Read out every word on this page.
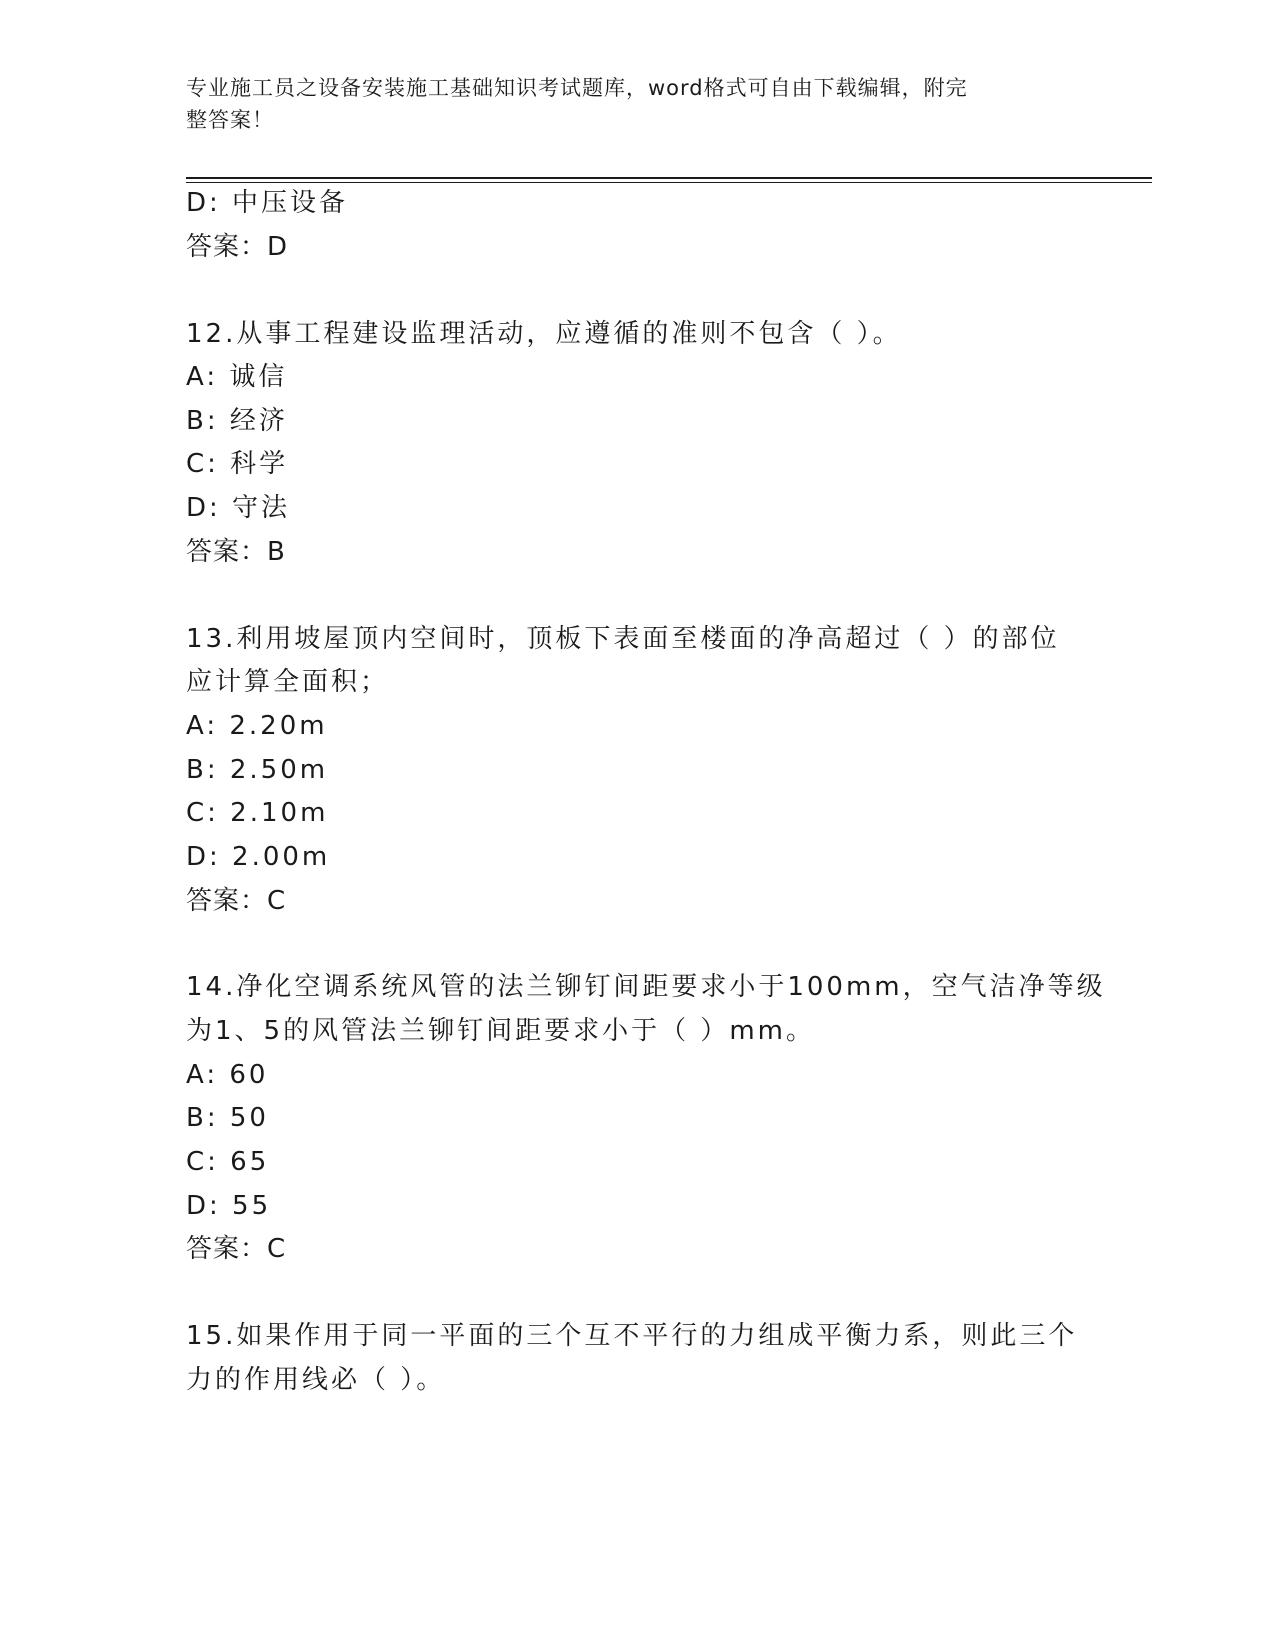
专业施工员之设备安装施工基础知识考试题库，word格式可自由下载编辑，附完
整答案！
D: 中压设备
答案：D
12.从事工程建设监理活动，应遵循的准则不包含（ ）。
A: 诚信
B: 经济
C: 科学
D: 守法
答案：B
13.利用坡屋顶内空间时，顶板下表面至楼面的净高超过（ ）的部位
应计算全面积；
A: 2.20m
B: 2.50m
C: 2.10m
D: 2.00m
答案：C
14.净化空调系统风管的法兰铆钉间距要求小于100mm，空气洁净等级
为1、5的风管法兰铆钉间距要求小于（ ）mm。
A: 60
B: 50
C: 65
D: 55
答案：C
15.如果作用于同一平面的三个互不平行的力组成平衡力系，则此三个
力的作用线必（ ）。
